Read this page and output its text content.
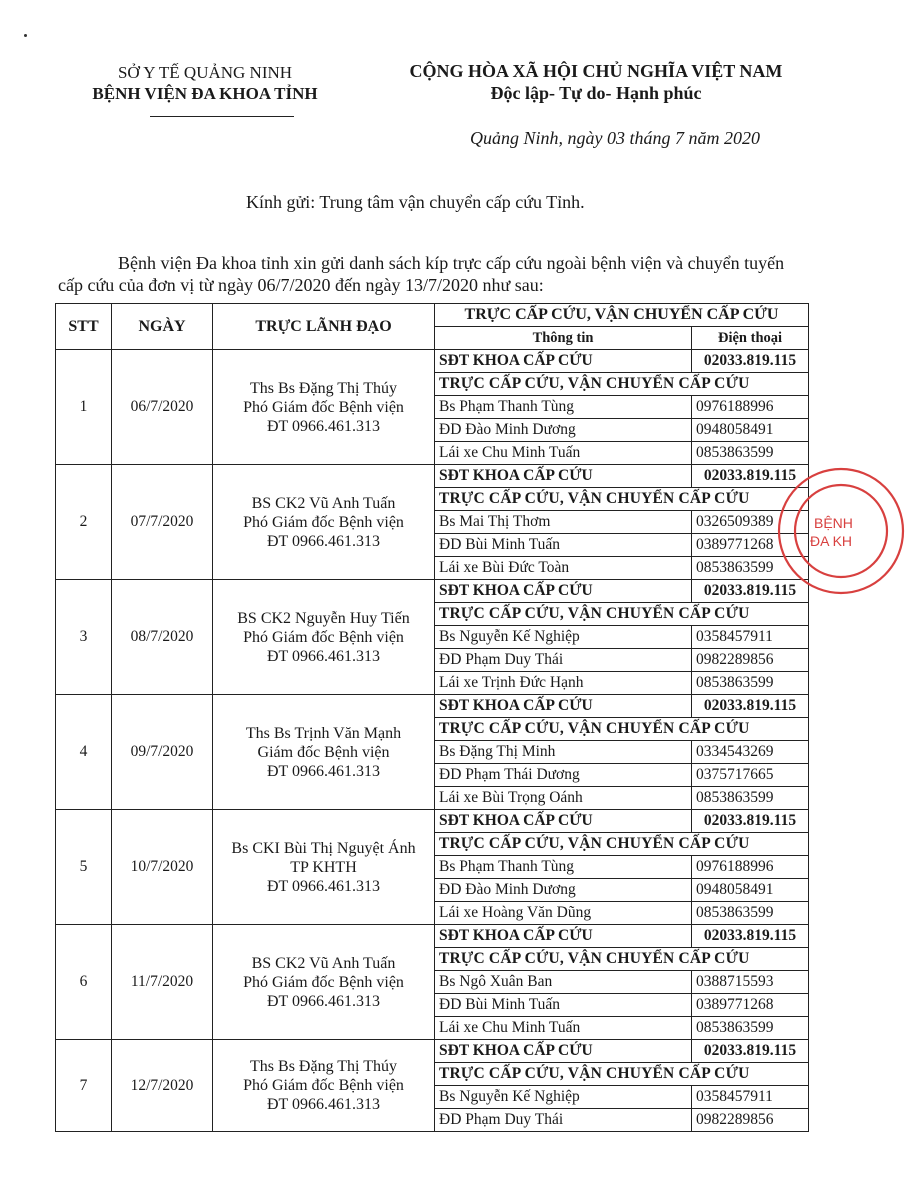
SỞ Y TẾ QUẢNG NINH
BỆNH VIỆN ĐA KHOA TỈNH
CỘNG HÒA XÃ HỘI CHỦ NGHĨA VIỆT NAM
Độc lập- Tự do- Hạnh phúc
Quảng Ninh, ngày 03 tháng 7 năm 2020
Kính gửi: Trung tâm vận chuyển cấp cứu Tỉnh.
Bệnh viện Đa khoa tỉnh xin gửi danh sách kíp trực cấp cứu ngoài bệnh viện và chuyển tuyến cấp cứu của đơn vị từ ngày 06/7/2020 đến ngày 13/7/2020 như sau:
STT	NGÀY	TRỰC LÃNH ĐẠO	TRỰC CẤP CỨU, VẬN CHUYỂN CẤP CỨU	
			Thông tin	Điện thoại
1	06/7/2020	Ths Bs Đặng Thị Thúy
Phó Giám đốc Bệnh viện
ĐT 0966.461.313	SĐT KHOA CẤP CỨU	02033.819.115
			TRỰC CẤP CỨU, VẬN CHUYỂN CẤP CỨU	
			Bs Phạm Thanh Tùng	0976188996
			ĐD Đào Minh Dương	0948058491
			Lái xe Chu Minh Tuấn	0853863599
2	07/7/2020	BS CK2 Vũ Anh Tuấn
Phó Giám đốc Bệnh viện
ĐT 0966.461.313	SĐT KHOA CẤP CỨU	02033.819.115
			TRỰC CẤP CỨU, VẬN CHUYỂN CẤP CỨU	
			Bs Mai Thị Thơm	0326509389
			ĐD Bùi Minh Tuấn	0389771268
			Lái xe Bùi Đức Toàn	0853863599
3	08/7/2020	BS CK2 Nguyễn Huy Tiến
Phó Giám đốc Bệnh viện
ĐT 0966.461.313	SĐT KHOA CẤP CỨU	02033.819.115
			TRỰC CẤP CỨU, VẬN CHUYỂN CẤP CỨU	
			Bs Nguyễn Kế Nghiệp	0358457911
			ĐD Phạm Duy Thái	0982289856
			Lái xe Trịnh Đức Hạnh	0853863599
4	09/7/2020	Ths Bs Trịnh Văn Mạnh
Giám đốc Bệnh viện
ĐT 0966.461.313	SĐT KHOA CẤP CỨU	02033.819.115
			TRỰC CẤP CỨU, VẬN CHUYỂN CẤP CỨU	
			Bs Đặng Thị Minh	0334543269
			ĐD Phạm Thái Dương	0375717665
			Lái xe Bùi Trọng Oánh	0853863599
5	10/7/2020	Bs CKI Bùi Thị Nguyệt Ánh
TP KHTH
ĐT 0966.461.313	SĐT KHOA CẤP CỨU	02033.819.115
			TRỰC CẤP CỨU, VẬN CHUYỂN CẤP CỨU	
			Bs Phạm Thanh Tùng	0976188996
			ĐD Đào Minh Dương	0948058491
			Lái xe Hoàng Văn Dũng	0853863599
6	11/7/2020	BS CK2 Vũ Anh Tuấn
Phó Giám đốc Bệnh viện
ĐT 0966.461.313	SĐT KHOA CẤP CỨU	02033.819.115
			TRỰC CẤP CỨU, VẬN CHUYỂN CẤP CỨU	
			Bs Ngô Xuân Ban	0388715593
			ĐD Bùi Minh Tuấn	0389771268
			Lái xe Chu Minh Tuấn	0853863599
7	12/7/2020	Ths Bs Đặng Thị Thúy
Phó Giám đốc Bệnh viện
ĐT 0966.461.313	SĐT KHOA CẤP CỨU	02033.819.115
			TRỰC CẤP CỨU, VẬN CHUYỂN CẤP CỨU	
			Bs Nguyễn Kế Nghiệp	0358457911
			ĐD Phạm Duy Thái	0982289856
BỆNH
ĐA KH
